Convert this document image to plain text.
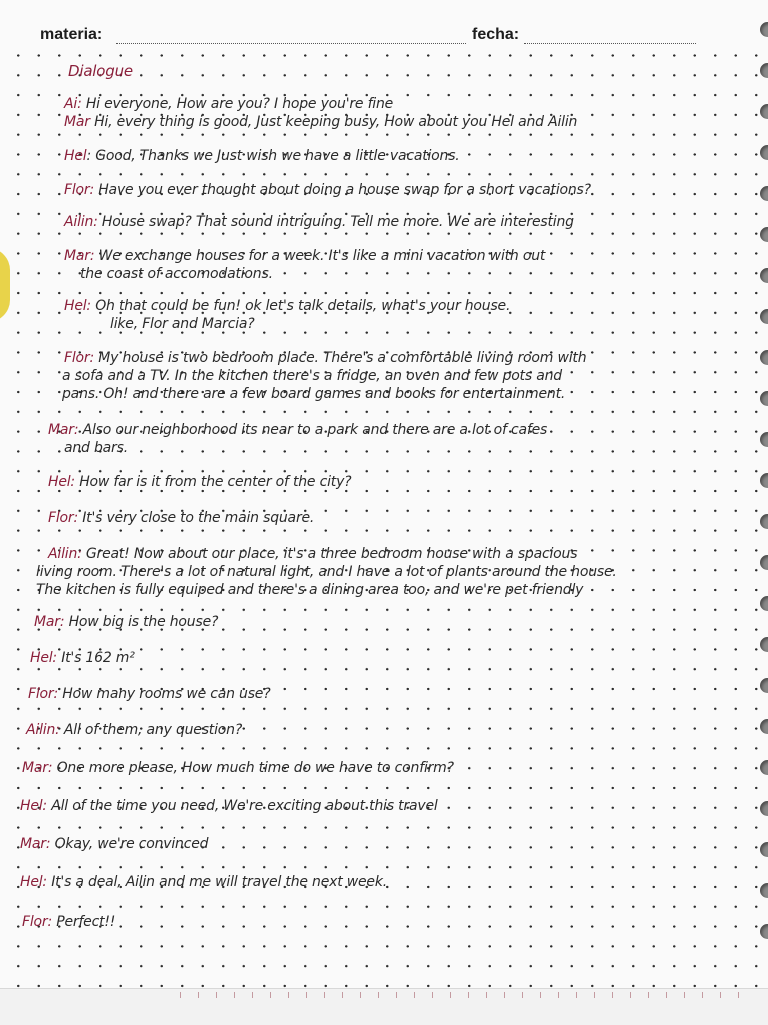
materia:	fecha:
Dialogue
Ai: Hi everyone, How are you? I hope you're fine
Mar Hi, every thing is good, Just keeping busy, How about you Hel and Ailin
Hel: Good, Thanks we Just wish we have a little vacations.
Flor: Have you ever thought about doing a house swap for a short vacations?
Ailin: House swap? That sound intriguing. Tell me more. We are interesting
Mar: We exchange houses for a week. It's like a mini vacation with out
the coast of accomodations.
Hel: Oh that could be fun! ok let's talk details, what's your house.
like, Flor and Marcia?
Flor: My house is two bedroom place. There's a comfortable living room with
a sofa and a TV. In the kitchen there's a fridge, an oven and few pots and
pans. Oh! and there are a few board games and books for entertainment.
Mar: Also our neighborhood its near to a park and there are a lot of cafes
and bars.
Hel: How far is it from the center of the city?
Flor: It's very close to the main square.
Ailin: Great! Now about our place, it's a three bedroom house with a spacious
living room. There's a lot of natural light, and I have a lot of plants around the house.
The kitchen is fully equiped and there's a dining area too, and we're pet friendly
Mar: How big is the house?
Hel: It's 162 m²
Flor: How many rooms we can use?
Ailin: All of them, any question?
Mar: One more please, How much time do we have to confirm?
Hel: All of the time you need, We're exciting about this travel
Mar: Okay, we're convinced
Hel: It's a deal, Ailin and me will travel the next week.
Flor: Perfect!!
